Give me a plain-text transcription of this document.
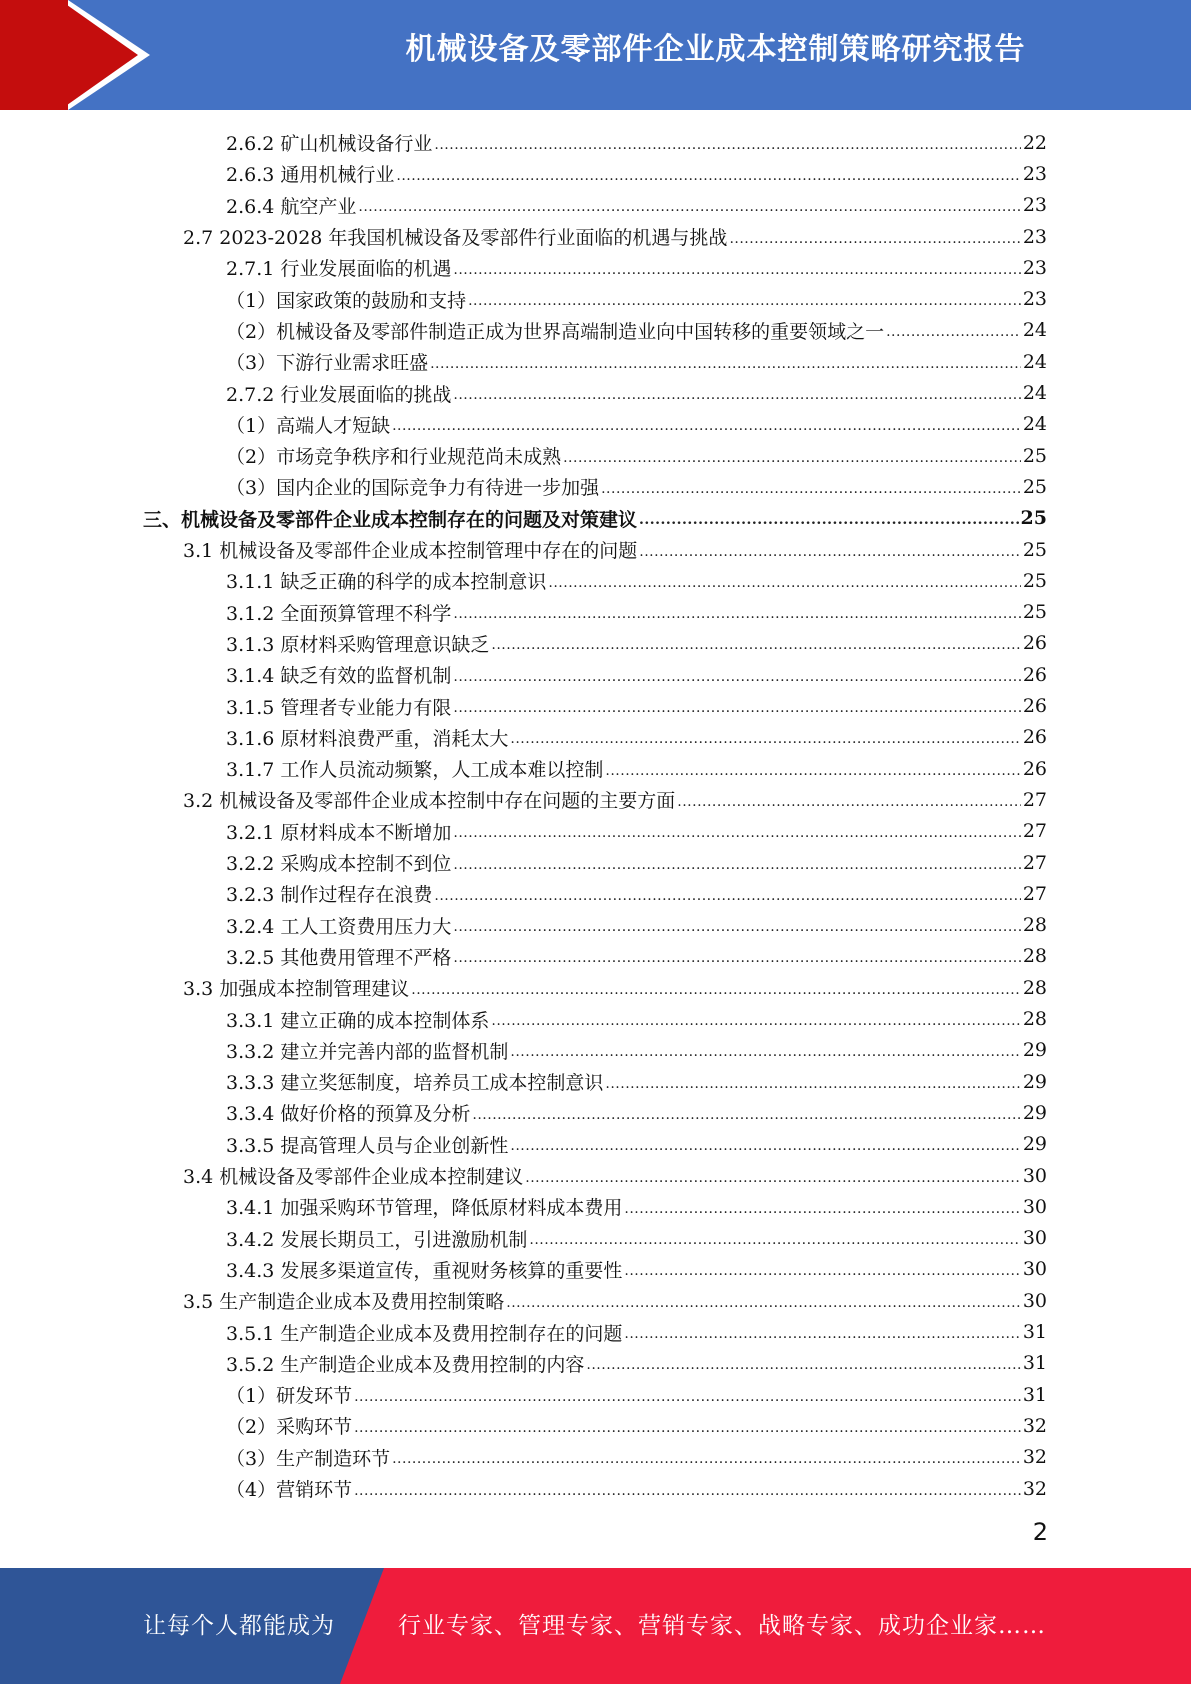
机械设备及零部件企业成本控制策略研究报告
2.6.2 矿山机械设备行业 .....	22
2.6.3 通用机械行业 .....	23
2.6.4 航空产业 .....	23
2.7 2023-2028 年我国机械设备及零部件行业面临的机遇与挑战 .....	23
2.7.1 行业发展面临的机遇 .....	23
（1）国家政策的鼓励和支持 .....	23
（2）机械设备及零部件制造正成为世界高端制造业向中国转移的重要领域之一 .....	24
（3）下游行业需求旺盛 .....	24
2.7.2 行业发展面临的挑战 .....	24
（1）高端人才短缺 .....	24
（2）市场竞争秩序和行业规范尚未成熟 .....	25
（3）国内企业的国际竞争力有待进一步加强 .....	25
三、机械设备及零部件企业成本控制存在的问题及对策建议 .....	25
3.1 机械设备及零部件企业成本控制管理中存在的问题 .....	25
3.1.1 缺乏正确的科学的成本控制意识 .....	25
3.1.2 全面预算管理不科学 .....	25
3.1.3 原材料采购管理意识缺乏 .....	26
3.1.4 缺乏有效的监督机制 .....	26
3.1.5 管理者专业能力有限 .....	26
3.1.6 原材料浪费严重，消耗太大 .....	26
3.1.7 工作人员流动频繁，人工成本难以控制 .....	26
3.2 机械设备及零部件企业成本控制中存在问题的主要方面 .....	27
3.2.1 原材料成本不断增加 .....	27
3.2.2 采购成本控制不到位 .....	27
3.2.3 制作过程存在浪费 .....	27
3.2.4 工人工资费用压力大 .....	28
3.2.5 其他费用管理不严格 .....	28
3.3 加强成本控制管理建议 .....	28
3.3.1 建立正确的成本控制体系 .....	28
3.3.2 建立并完善内部的监督机制 .....	29
3.3.3 建立奖惩制度，培养员工成本控制意识 .....	29
3.3.4 做好价格的预算及分析 .....	29
3.3.5 提高管理人员与企业创新性 .....	29
3.4 机械设备及零部件企业成本控制建议 .....	30
3.4.1 加强采购环节管理，降低原材料成本费用 .....	30
3.4.2 发展长期员工，引进激励机制 .....	30
3.4.3 发展多渠道宣传，重视财务核算的重要性 .....	30
3.5 生产制造企业成本及费用控制策略 .....	30
3.5.1 生产制造企业成本及费用控制存在的问题 .....	31
3.5.2 生产制造企业成本及费用控制的内容 .....	31
（1）研发环节 .....	31
（2）采购环节 .....	32
（3）生产制造环节 .....	32
（4）营销环节 .....	32
2
让每个人都能成为	行业专家、管理专家、营销专家、战略专家、成功企业家……
